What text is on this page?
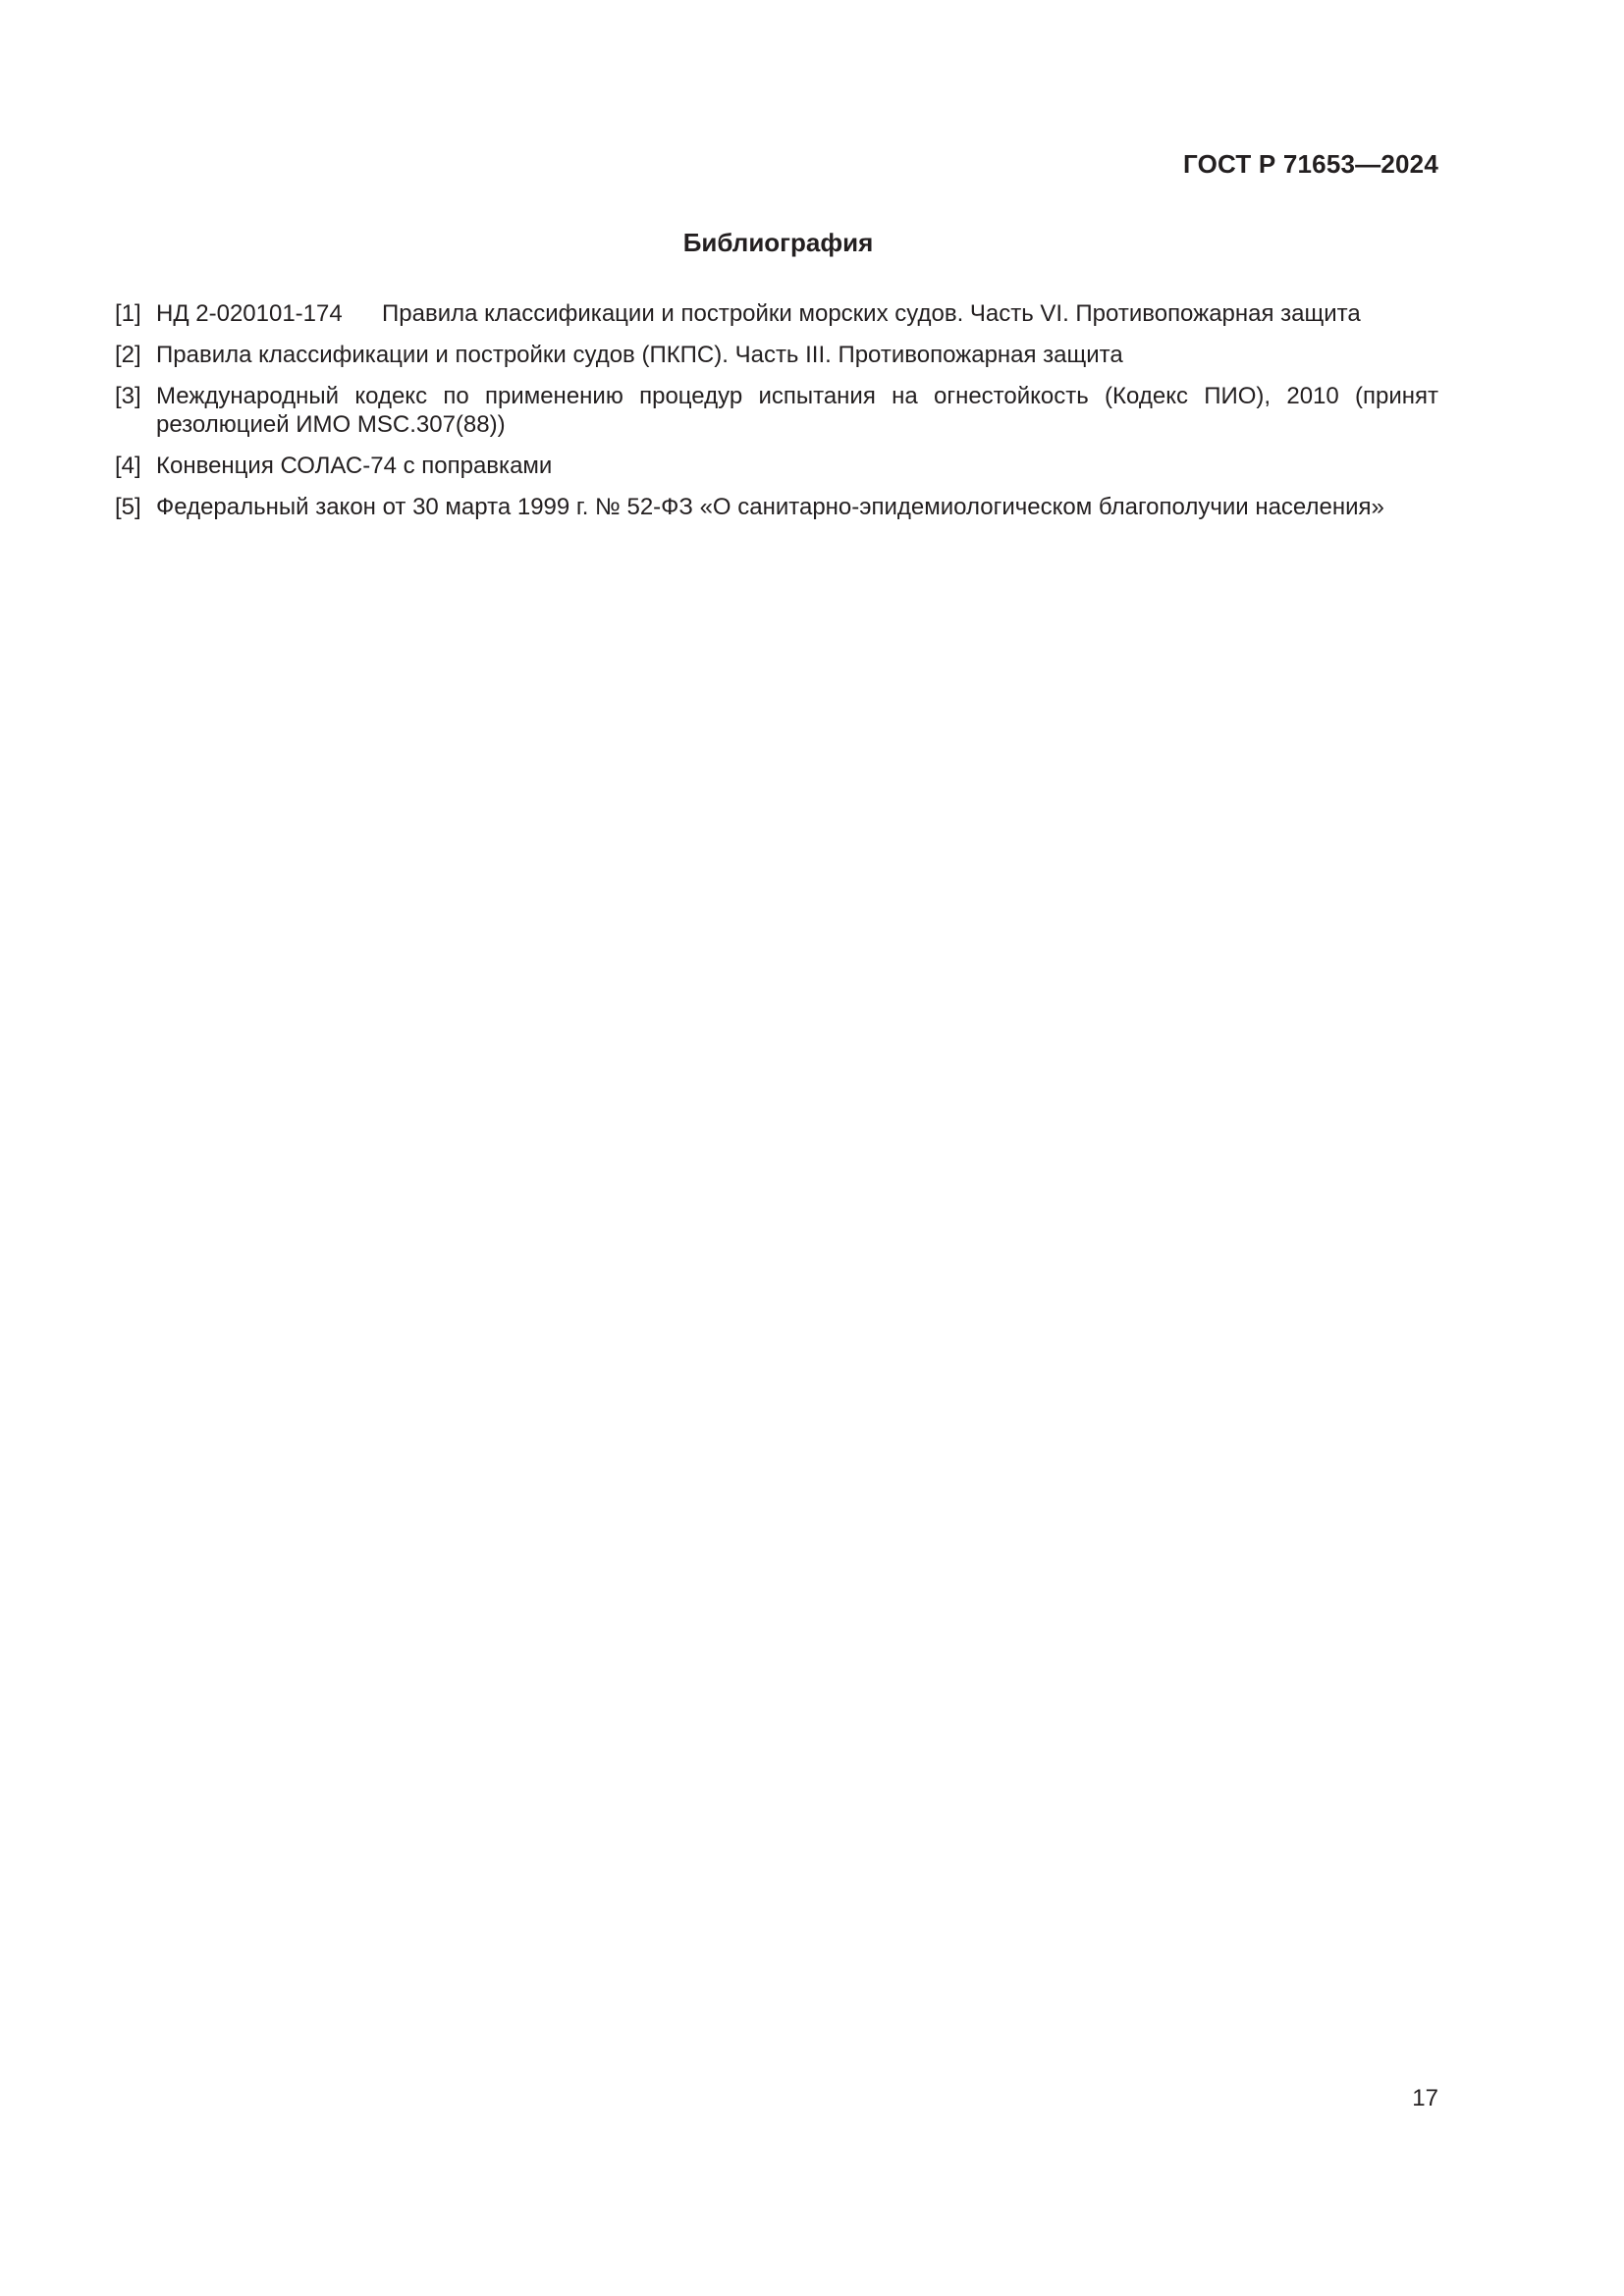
ГОСТ Р 71653—2024
Библиография
[1] НД 2-020101-174 Правила классификации и постройки морских судов. Часть VI. Противопожарная защита
[2] Правила классификации и постройки судов (ПКПС). Часть III. Противопожарная защита
[3] Международный кодекс по применению процедур испытания на огнестойкость (Кодекс ПИО), 2010 (принят резолюцией ИМО MSC.307(88))
[4] Конвенция СОЛАС-74 с поправками
[5] Федеральный закон от 30 марта 1999 г. № 52-ФЗ «О санитарно-эпидемиологическом благополучии населения»
17
